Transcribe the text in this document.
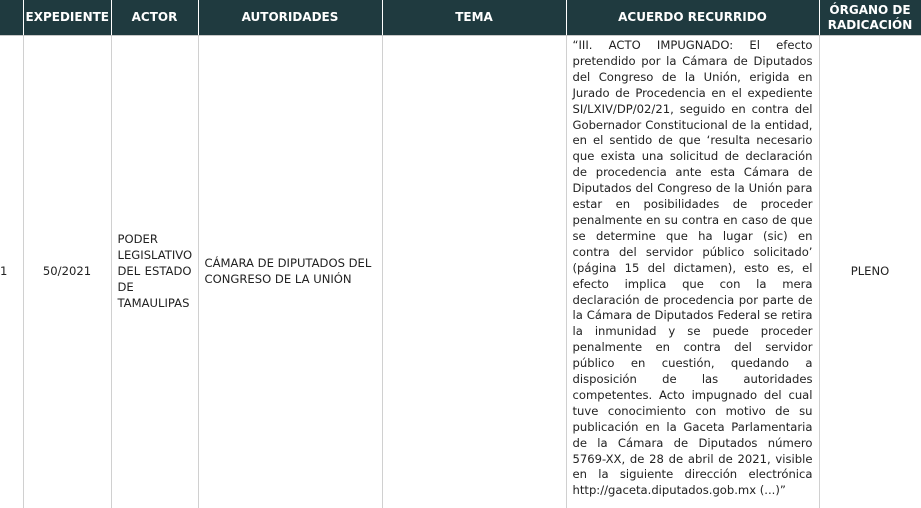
	EXPEDIENTE	ACTOR	AUTORIDADES	TEMA	ACUERDO RECURRIDO	ÓRGANO DE RADICACIÓN
1	50/2021	PODER LEGISLATIVO DEL ESTADO DE TAMAULIPAS	CÁMARA DE DIPUTADOS DEL CONGRESO DE LA UNIÓN		“III. ACTO IMPUGNADO: El efecto pretendido por la Cámara de Diputados del Congreso de la Unión, erigida en Jurado de Procedencia en el expediente SI/LXIV/DP/02/21, seguido en contra del Gobernador Constitucional de la entidad, en el sentido de que ‘resulta necesario que exista una solicitud de declaración de procedencia ante esta Cámara de Diputados del Congreso de la Unión para estar en posibilidades de proceder penalmente en su contra en caso de que se determine que ha lugar (sic) en contra del servidor público solicitado’ (página 15 del dictamen), esto es, el efecto implica que con la mera declaración de procedencia por parte de la Cámara de Diputados Federal se retira la inmunidad y se puede proceder penalmente en contra del servidor público en cuestión, quedando a disposición de las autoridades competentes. Acto impugnado del cual tuve conocimiento con motivo de su publicación en la Gaceta Parlamentaria de la Cámara de Diputados número 5769-XX, de 28 de abril de 2021, visible en la siguiente dirección electrónica http://gaceta.diputados.gob.mx (...)”	PLENO
